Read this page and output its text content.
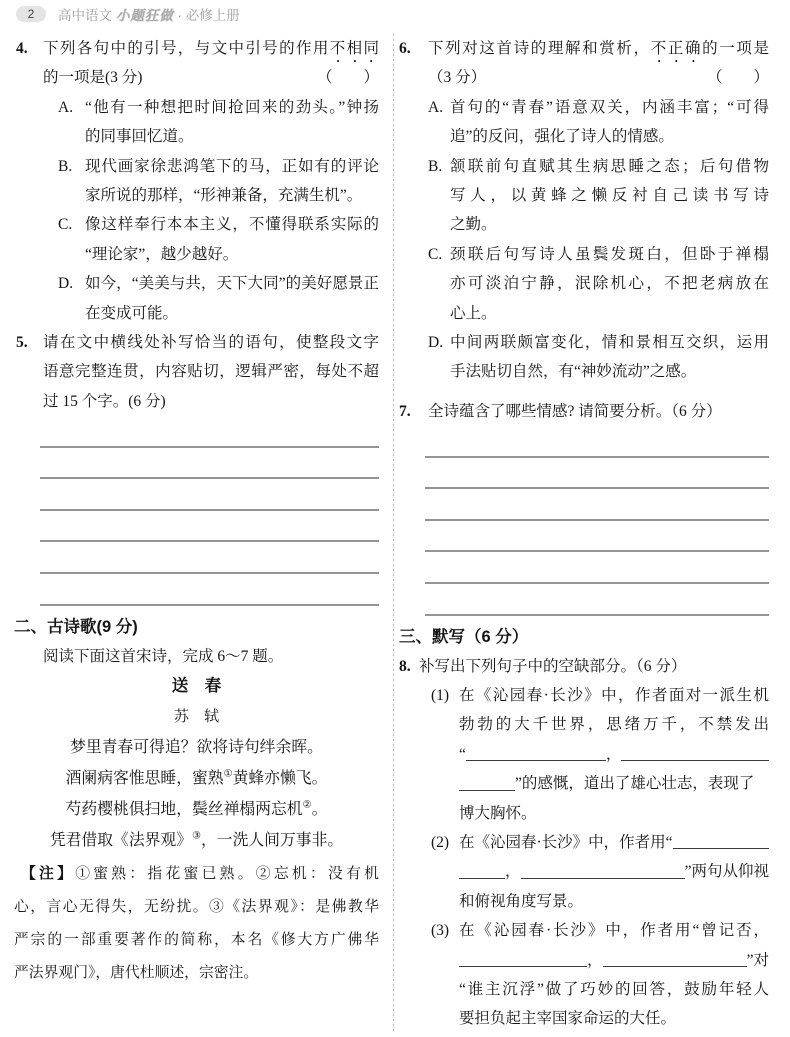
2	高中语文 小题狂做 · 必修上册
4. 下列各句中的引号，与文中引号的作用不相同
的一项是(3 分)	（　　）
A. “他有一种想把时间抢回来的劲头。”钟扬
的同事回忆道。
B. 现代画家徐悲鸿笔下的马，正如有的评论
家所说的那样，“形神兼备，充满生机”。
C. 像这样奉行本本主义，不懂得联系实际的
“理论家”，越少越好。
D. 如今，“美美与共，天下大同”的美好愿景正
在变成可能。
5. 请在文中横线处补写恰当的语句，使整段文字
语意完整连贯，内容贴切，逻辑严密，每处不超
过 15 个字。(6 分)
二、古诗歌(9 分)
阅读下面这首宋诗，完成 6～7 题。
送　春
苏　轼
梦里青春可得追？欲将诗句绊余晖。
酒阑病客惟思睡，蜜熟①黄蜂亦懒飞。
芍药樱桃俱扫地，鬓丝禅榻两忘机②。
凭君借取《法界观》③，一洗人间万事非。
【注】①蜜熟：指花蜜已熟。②忘机：没有机
心，言心无得失，无纷扰。③《法界观》：是佛教华
严宗的一部重要著作的简称，本名《修大方广佛华
严法界观门》，唐代杜顺述，宗密注。
6.	下列对这首诗的理解和赏析，不正确的一项是
（3 分）	（　　）
A. 首句的“青春”语意双关，内涵丰富；“可得
追”的反问，强化了诗人的情感。
B. 颔联前句直赋其生病思睡之态；后句借物
写人，以黄蜂之懒反衬自己读书写诗
之勤。
C. 颈联后句写诗人虽鬓发斑白，但卧于禅榻
亦可淡泊宁静，泯除机心，不把老病放在
心上。
D. 中间两联颇富变化，情和景相互交织，运用
手法贴切自然，有“神妙流动”之感。
7.	全诗蕴含了哪些情感? 请简要分析。（6 分）
三、默写（6 分）
8. 补写出下列句子中的空缺部分。（6 分）
(1) 在《沁园春·长沙》中，作者面对一派生机
勃勃的大千世界，思绪万千，不禁发出
“	，
”的感慨，道出了雄心壮志，表现了
博大胸怀。
(2) 在《沁园春·长沙》中，作者用“
，	”两句从仰视
和俯视角度写景。
(3) 在《沁园春·长沙》中，作者用“曾记否，
，	”对
“谁主沉浮”做了巧妙的回答，鼓励年轻人
要担负起主宰国家命运的大任。
